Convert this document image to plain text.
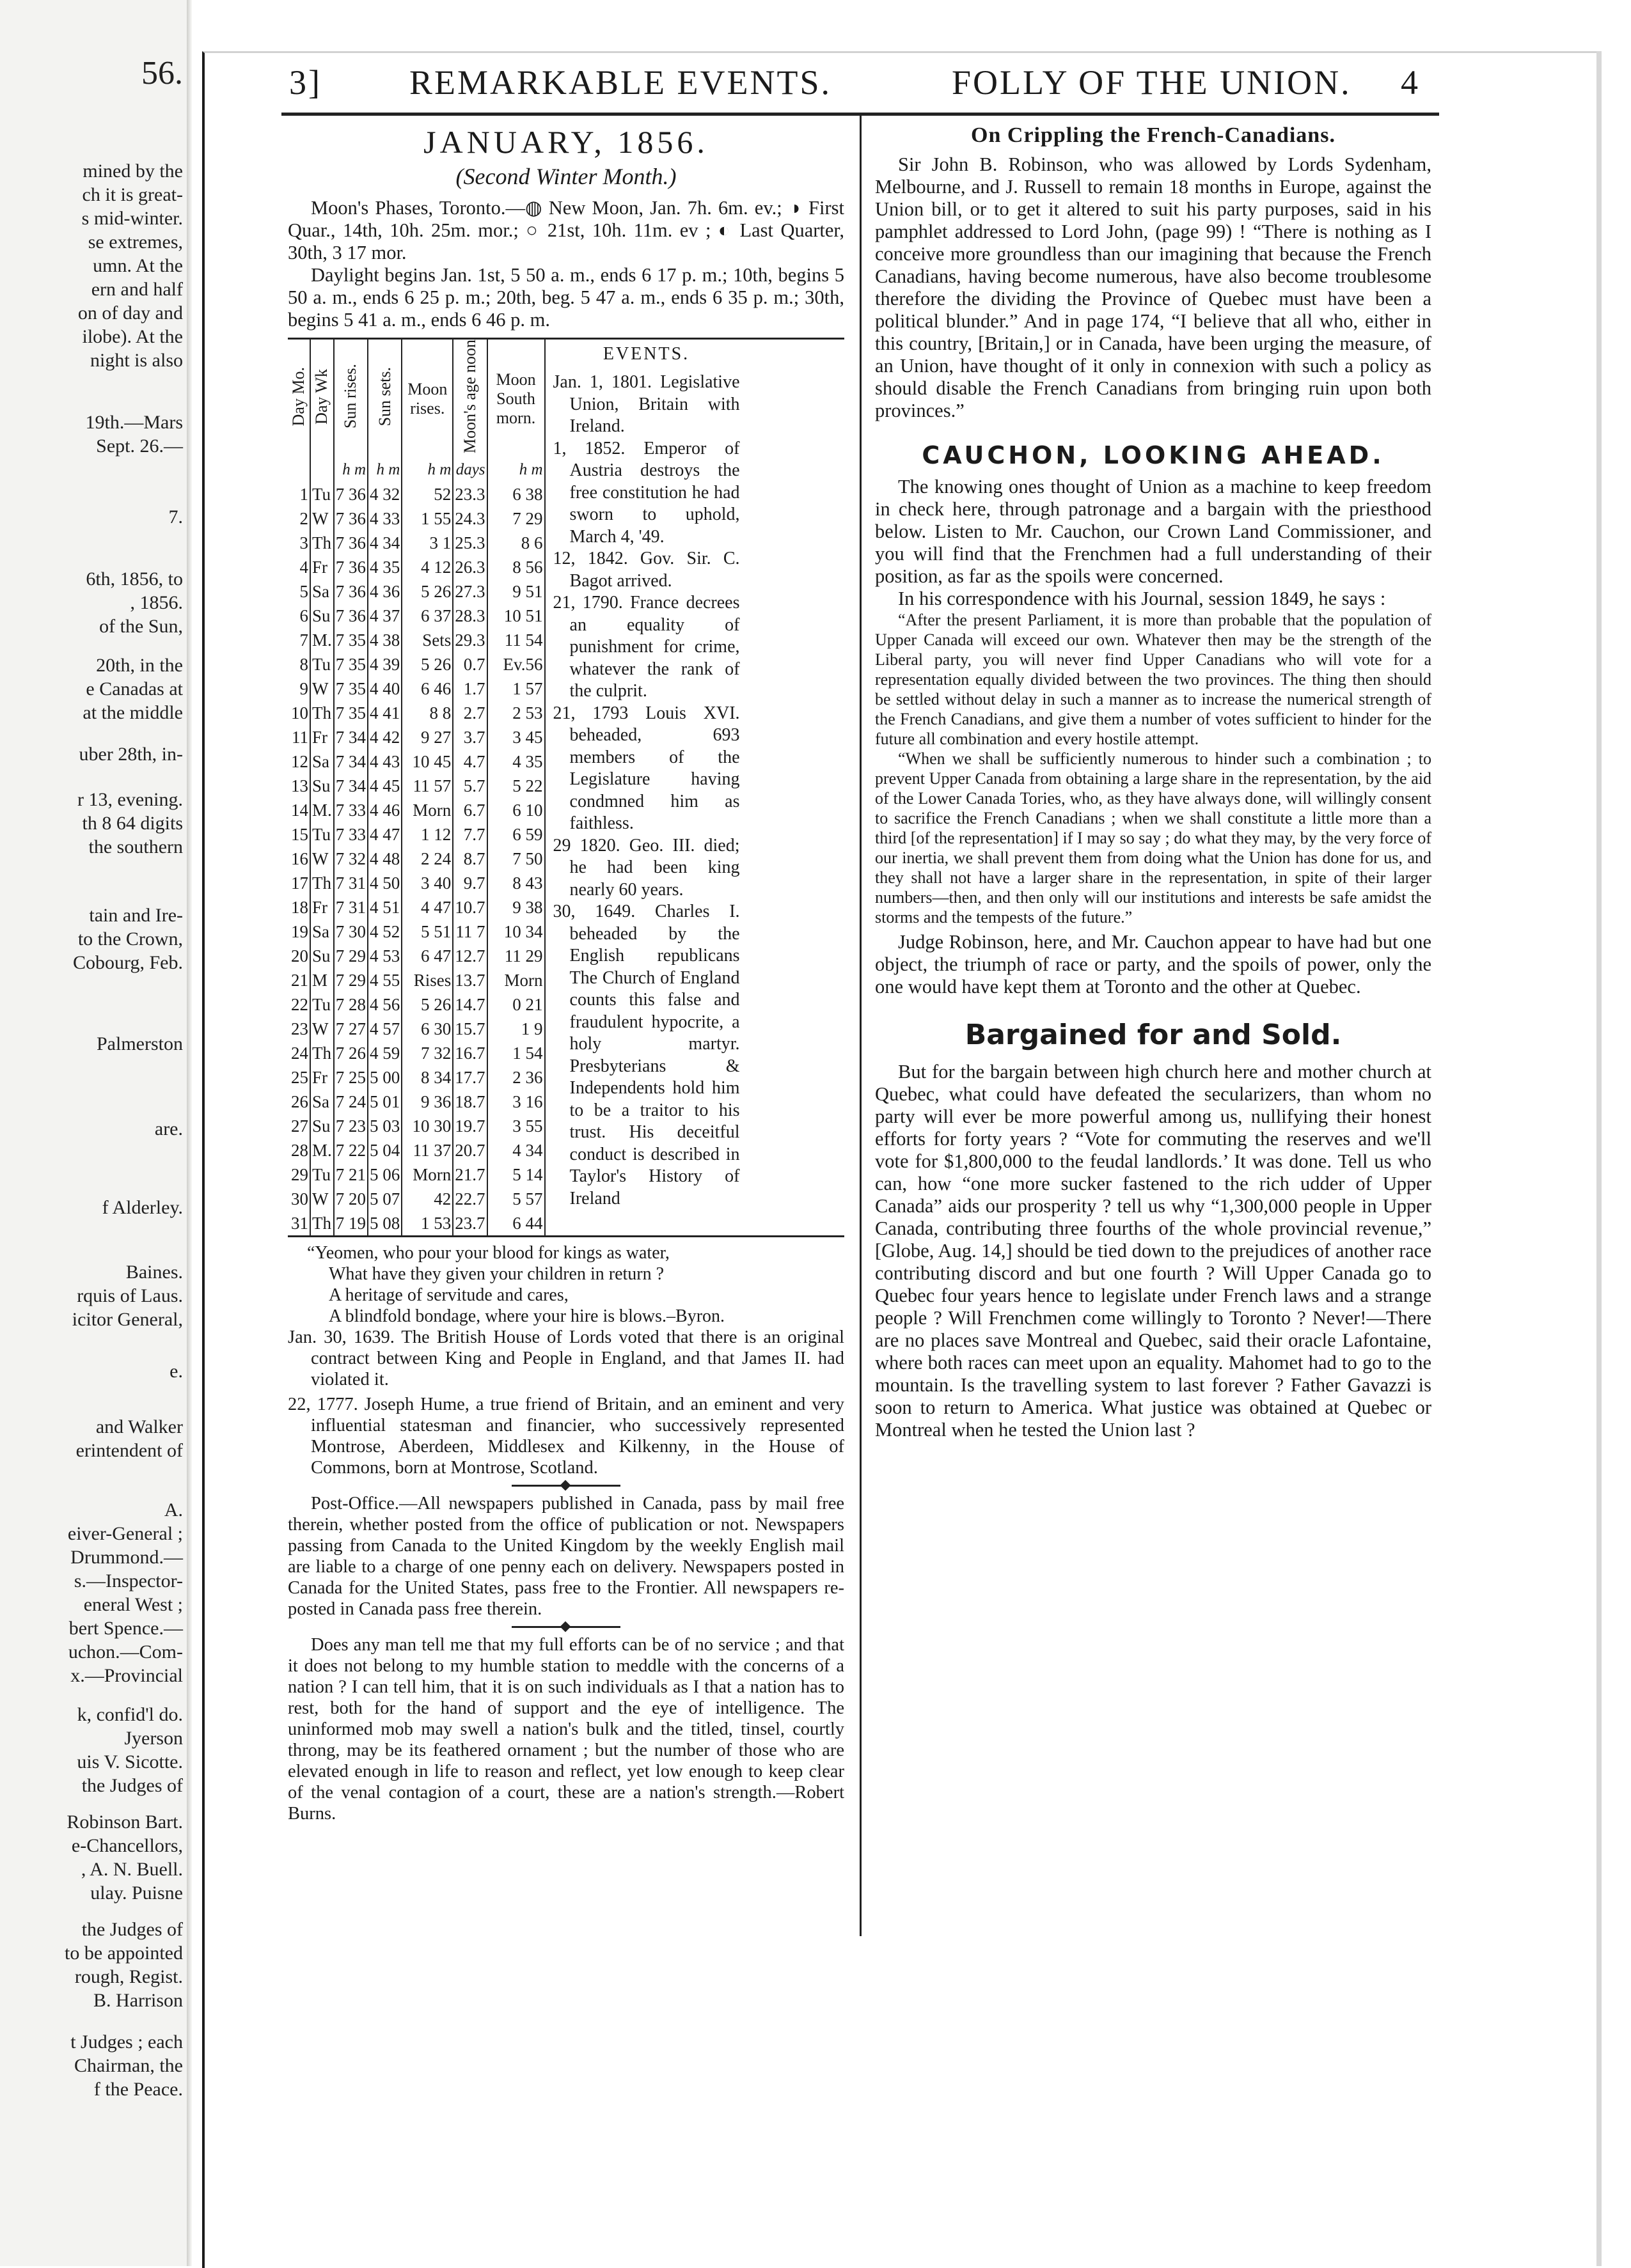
56.
mined by the
ch it is great-
s mid-winter.
se extremes,
umn. At the
ern and half
on of day and
ilobe). At the
night is also
19th.—Mars
Sept. 26.—
7.
6th, 1856, to
, 1856.
of the Sun,
20th, in the
e Canadas at
at the middle
uber 28th, in-
r 13, evening.
th 8 64 digits
the southern
tain and Ire-
to the Crown,
Cobourg, Feb.
Palmerston
are.
f Alderley.
Baines.
rquis of Laus.
icitor General,
e.
and Walker
erintendent of
A.
eiver-General ;
Drummond.—
s.—Inspector-
eneral West ;
bert Spence.—
uchon.—Com-
x.—Provincial
k, confid'l do.
Jyerson
uis V. Sicotte.
the Judges of
Robinson Bart.
e-Chancellors,
, A. N. Buell.
ulay. Puisne
the Judges of
to be appointed
rough, Regist.
B. Harrison
t Judges ; each
Chairman, the
f the Peace.
3]	REMARKABLE EVENTS.	FOLLY OF THE UNION. 4
JANUARY, 1856.
(Second Winter Month.)

Moon's Phases, Toronto.—◍ New Moon, Jan. 7h. 6m. ev.; ◑ First Quar., 14th, 10h. 25m. mor.; ○ 21st, 10h. 11m. ev ; ◐ Last Quarter, 30th, 3 17 mor.

Daylight begins Jan. 1st, 5 50 a. m., ends 6 17 p. m.; 10th, begins 5 50 a. m., ends 6 25 p. m.; 20th, beg. 5 47 a. m., ends 6 35 p. m.; 30th, begins 5 41 a. m., ends 6 46 p. m.

Day Mo.	Day Wk	Sun rises.	Sun sets.	Moon rises.	Moon's age noon	Moon South morn.
		h m	h m	h m	days	h m
1	Tu	7 36	4 32	52	23.3	6 38
2	W	7 36	4 33	1 55	24.3	7 29
3	Th	7 36	4 34	3 1	25.3	8 6
4	Fr	7 36	4 35	4 12	26.3	8 56
5	Sa	7 36	4 36	5 26	27.3	9 51
6	Su	7 36	4 37	6 37	28.3	10 51
7	M.	7 35	4 38	Sets	29.3	11 54
8	Tu	7 35	4 39	5 26	0.7	Ev.56
9	W	7 35	4 40	6 46	1.7	1 57
10	Th	7 35	4 41	8 8	2.7	2 53
11	Fr	7 34	4 42	9 27	3.7	3 45
12	Sa	7 34	4 43	10 45	4.7	4 35
13	Su	7 34	4 45	11 57	5.7	5 22
14	M.	7 33	4 46	Morn	6.7	6 10
15	Tu	7 33	4 47	1 12	7.7	6 59
16	W	7 32	4 48	2 24	8.7	7 50
17	Th	7 31	4 50	3 40	9.7	8 43
18	Fr	7 31	4 51	4 47	10.7	9 38
19	Sa	7 30	4 52	5 51	11 7	10 34
20	Su	7 29	4 53	6 47	12.7	11 29
21	M	7 29	4 55	Rises	13.7	Morn
22	Tu	7 28	4 56	5 26	14.7	0 21
23	W	7 27	4 57	6 30	15.7	1 9
24	Th	7 26	4 59	7 32	16.7	1 54
25	Fr	7 25	5 00	8 34	17.7	2 36
26	Sa	7 24	5 01	9 36	18.7	3 16
27	Su	7 23	5 03	10 30	19.7	3 55
28	M.	7 22	5 04	11 37	20.7	4 34
29	Tu	7 21	5 06	Morn	21.7	5 14
30	W	7 20	5 07	42	22.7	5 57
31	Th	7 19	5 08	1 53	23.7	6 44
EVENTS.

Jan. 1, 1801. Legislative Union, Britain with Ireland.

1, 1852. Emperor of Austria destroys the free constitution he had sworn to uphold, March 4, '49.

12, 1842. Gov. Sir. C. Bagot arrived.

21, 1790. France decrees an equality of punishment for crime, whatever the rank of the culprit.

21, 1793 Louis XVI. beheaded, 693 members of the Legislature having condmned him as faithless.

29 1820. Geo. III. died; he had been king nearly 60 years.

30, 1649. Charles I. beheaded by the English republicans The Church of England counts this false and fraudulent hypocrite, a holy martyr. Presbyterians & Independents hold him to be a traitor to his trust. His deceitful conduct is described in Taylor's History of Ireland

“Yeomen, who pour your blood for kings as water,

What have they given your children in return ?

A heritage of servitude and cares,

A blindfold bondage, where your hire is blows.–Byron.

Jan. 30, 1639. The British House of Lords voted that there is an original contract between King and People in England, and that James II. had violated it.

22, 1777. Joseph Hume, a true friend of Britain, and an eminent and very influential statesman and financier, who successively represented Montrose, Aberdeen, Middlesex and Kilkenny, in the House of Commons, born at Montrose, Scotland.

Post-Office.—All newspapers published in Canada, pass by mail free therein, whether posted from the office of publication or not. Newspapers passing from Canada to the United Kingdom by the weekly English mail are liable to a charge of one penny each on delivery. Newspapers posted in Canada for the United States, pass free to the Frontier. All newspapers re-posted in Canada pass free therein.

Does any man tell me that my full efforts can be of no service ; and that it does not belong to my humble station to meddle with the concerns of a nation ? I can tell him, that it is on such individuals as I that a nation has to rest, both for the hand of support and the eye of intelligence. The uninformed mob may swell a nation's bulk and the titled, tinsel, courtly throng, may be its feathered ornament ; but the number of those who are elevated enough in life to reason and reflect, yet low enough to keep clear of the venal contagion of a court, these are a nation's strength.—Robert Burns.

On Crippling the French-Canadians.

Sir John B. Robinson, who was allowed by Lords Sydenham, Melbourne, and J. Russell to remain 18 months in Europe, against the Union bill, or to get it altered to suit his party purposes, said in his pamphlet addressed to Lord John, (page 99) ! “There is nothing as I conceive more groundless than our imagining that because the French Canadians, having become numerous, have also become troublesome therefore the dividing the Province of Quebec must have been a political blunder.” And in page 174, “I believe that all who, either in this country, [Britain,] or in Canada, have been urging the measure, of an Union, have thought of it only in connexion with such a policy as should disable the French Canadians from bringing ruin upon both provinces.”

CAUCHON, LOOKING AHEAD.

The knowing ones thought of Union as a machine to keep freedom in check here, through patronage and a bargain with the priesthood below. Listen to Mr. Cauchon, our Crown Land Commissioner, and you will find that the Frenchmen had a full understanding of their position, as far as the spoils were concerned.

In his correspondence with his Journal, session 1849, he says :

“After the present Parliament, it is more than probable that the population of Upper Canada will exceed our own. Whatever then may be the strength of the Liberal party, you will never find Upper Canadians who will vote for a representation equally divided between the two provinces. The thing then should be settled without delay in such a manner as to increase the numerical strength of the French Canadians, and give them a number of votes sufficient to hinder for the future all combination and every hostile attempt.

“When we shall be sufficiently numerous to hinder such a combination ; to prevent Upper Canada from obtaining a large share in the representation, by the aid of the Lower Canada Tories, who, as they have always done, will willingly consent to sacrifice the French Canadians ; when we shall constitute a little more than a third [of the representation] if I may so say ; do what they may, by the very force of our inertia, we shall prevent them from doing what the Union has done for us, and they shall not have a larger share in the representation, in spite of their larger numbers—then, and then only will our institutions and interests be safe amidst the storms and the tempests of the future.”

Judge Robinson, here, and Mr. Cauchon appear to have had but one object, the triumph of race or party, and the spoils of power, only the one would have kept them at Toronto and the other at Quebec.

Bargained for and Sold.

But for the bargain between high church here and mother church at Quebec, what could have defeated the secularizers, than whom no party will ever be more powerful among us, nullifying their honest efforts for forty years ? “Vote for commuting the reserves and we'll vote for $1,800,000 to the feudal landlords.’ It was done. Tell us who can, how “one more sucker fastened to the rich udder of Upper Canada” aids our prosperity ? tell us why “1,300,000 people in Upper Canada, contributing three fourths of the whole provincial revenue,” [Globe, Aug. 14,] should be tied down to the prejudices of another race contributing discord and but one fourth ? Will Upper Canada go to Quebec four years hence to legislate under French laws and a strange people ? Will Frenchmen come willingly to Toronto ? Never!—There are no places save Montreal and Quebec, said their oracle Lafontaine, where both races can meet upon an equality. Mahomet had to go to the mountain. Is the travelling system to last forever ? Father Gavazzi is soon to return to America. What justice was obtained at Quebec or Montreal when he tested the Union last ?
